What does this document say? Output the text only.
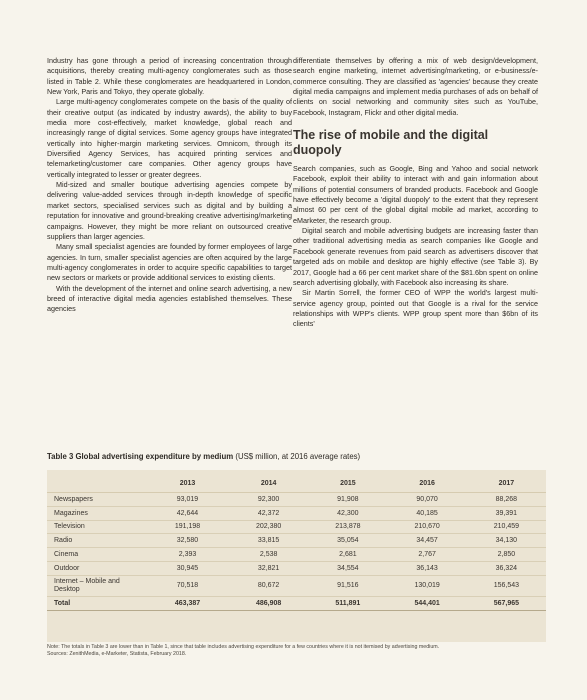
Industry has gone through a period of increasing concentration through acquisitions, thereby creating multi-agency conglomerates such as those listed in Table 2. While these conglomerates are headquartered in London, New York, Paris and Tokyo, they operate globally.

Large multi-agency conglomerates compete on the basis of the quality of their creative output (as indicated by industry awards), the ability to buy media more cost-effectively, market knowledge, global reach and increasingly range of digital services. Some agency groups have integrated vertically into higher-margin marketing services. Omnicom, through its Diversified Agency Services, has acquired printing services and telemarketing/customer care companies. Other agency groups have vertically integrated to lesser or greater degrees.

Mid-sized and smaller boutique advertising agencies compete by delivering value-added services through in-depth knowledge of specific market sectors, specialised services such as digital and by building a reputation for innovative and ground-breaking creative advertising/marketing campaigns. However, they might be more reliant on outsourced creative suppliers than larger agencies.

Many small specialist agencies are founded by former employees of large agencies. In turn, smaller specialist agencies are often acquired by the large multi-agency conglomerates in order to acquire specific capabilities to target new sectors or markets or provide additional services to existing clients.

With the development of the internet and online search advertising, a new breed of interactive digital media agencies established themselves. These agencies

differentiate themselves by offering a mix of web design/development, search engine marketing, internet advertising/marketing, or e-business/e-commerce consulting. They are classified as 'agencies' because they create digital media campaigns and implement media purchases of ads on behalf of clients on social networking and community sites such as YouTube, Facebook, Instagram, Flickr and other digital media.

The rise of mobile and the digital duopoly

Search companies, such as Google, Bing and Yahoo and social network Facebook, exploit their ability to interact with and gain information about millions of potential consumers of branded products. Facebook and Google have effectively become a 'digital duopoly' to the extent that they represent almost 60 per cent of the global digital mobile ad market, according to eMarketer, the research group.

Digital search and mobile advertising budgets are increasing faster than other traditional advertising media as search companies like Google and Facebook generate revenues from paid search as advertisers discover that targeted ads on mobile and desktop are highly effective (see Table 3). By 2017, Google had a 66 per cent market share of the $81.6bn spent on online search advertising globally, with Facebook also increasing its share.

Sir Martin Sorrell, the former CEO of WPP the world's largest multi-service agency group, pointed out that Google is a rival for the service relationships with WPP's clients. WPP group spent more than $6bn of its clients'

Table 3 Global advertising expenditure by medium (US$ million, at 2016 average rates)
	2013	2014	2015	2016	2017
Newspapers	93,019	92,300	91,908	90,070	88,268
Magazines	42,644	42,372	42,300	40,185	39,391
Television	191,198	202,380	213,878	210,670	210,459
Radio	32,580	33,815	35,054	34,457	34,130
Cinema	2,393	2,538	2,681	2,767	2,850
Outdoor	30,945	32,821	34,554	36,143	36,324

Internet – Mobile and Desktop	70,518	80,672	91,516	130,019	156,543
Total	463,387	486,908	511,891	544,401	567,965

Note: The totals in Table 3 are lower than in Table 1, since that table includes advertising expenditure for a few countries where it is not itemised by advertising medium.

Sources: ZenithMedia, e-Marketer, Statista, February 2018.
